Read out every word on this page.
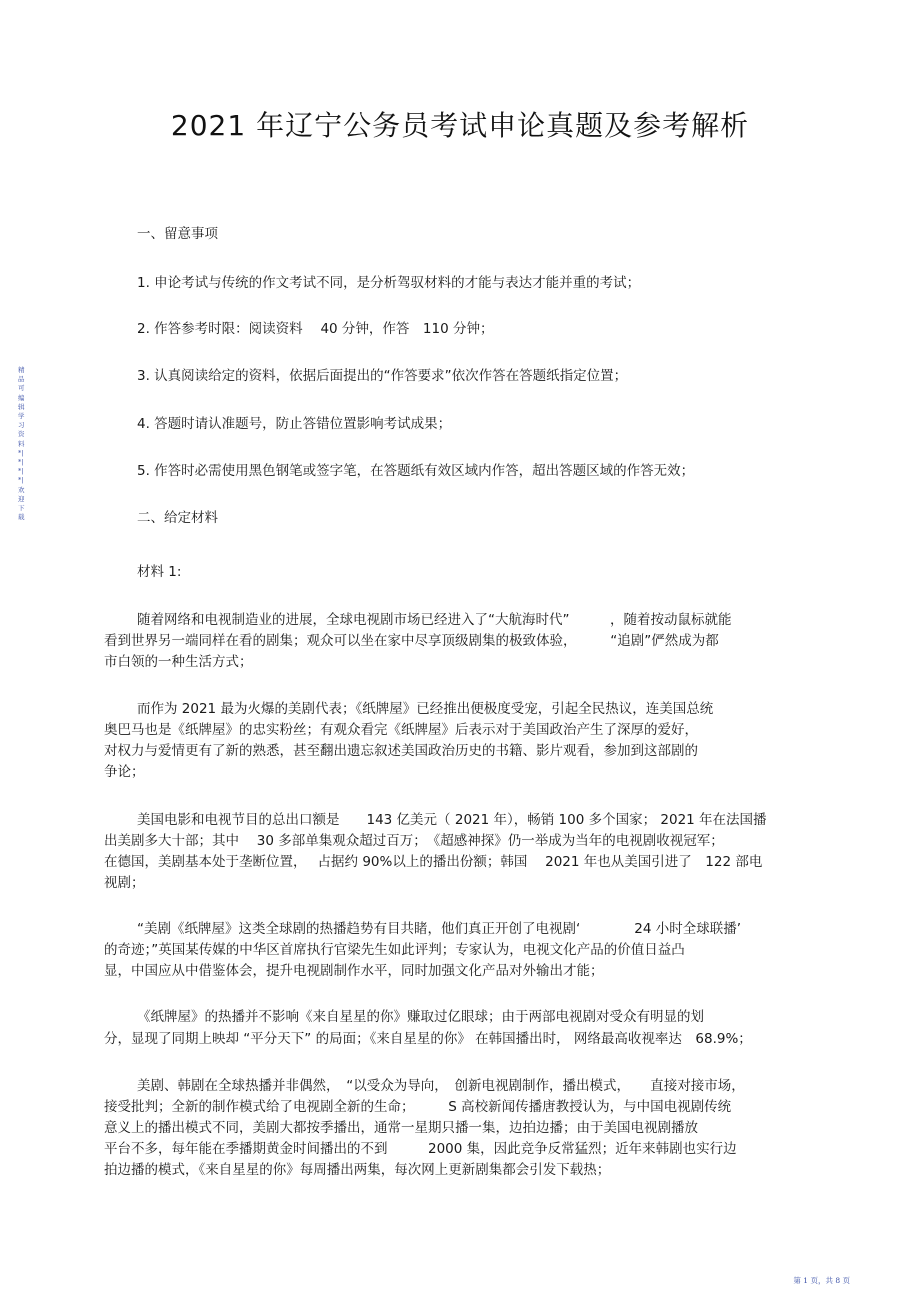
2021 年辽宁公务员考试申论真题及参考解析
精品可编辑学习资料*|*|*|*|欢迎下载
一、留意事项
1. 申论考试与传统的作文考试不同，是分析驾驭材料的才能与表达才能并重的考试；
2. 作答参考时限：阅读资料　 40 分钟，作答　110 分钟；
3. 认真阅读给定的资料，依据后面提出的“作答要求”依次作答在答题纸指定位置；
4. 答题时请认准题号，防止答错位置影响考试成果；
5. 作答时必需使用黑色钢笔或签字笔，在答题纸有效区域内作答，超出答题区域的作答无效；
二、给定材料
材料 1:
随着网络和电视制造业的进展，全球电视剧市场已经进入了“大航海时代”　　　，随着按动鼠标就能
看到世界另一端同样在看的剧集；观众可以坐在家中尽享顶级剧集的极致体验，　　　“追剧”俨然成为都
市白领的一种生活方式；
而作为 2021 最为火爆的美剧代表；《纸牌屋》已经推出便极度受宠，引起全民热议，连美国总统
奥巴马也是《纸牌屋》的忠实粉丝；有观众看完《纸牌屋》后表示对于美国政治产生了深厚的爱好，
对权力与爱情更有了新的熟悉，甚至翻出遗忘叙述美国政治历史的书籍、影片观看，参加到这部剧的
争论；
美国电影和电视节目的总出口额是　　143 亿美元（ 2021 年），畅销 100 多个国家； 2021 年在法国播
出美剧多大十部；其中　 30 多部单集观众超过百万；　《超感神探》仍一举成为当年的电视剧收视冠军；
在德国，美剧基本处于垄断位置，　 占据约 90%以上的播出份额；韩国　 2021 年也从美国引进了　122 部电
视剧；
“美剧《纸牌屋》这类全球剧的热播趋势有目共睹，他们真正开创了电视剧‘　　　　24 小时全球联播’
的奇迹；”英国某传媒的中华区首席执行官梁先生如此评判；专家认为，电视文化产品的价值日益凸
显，中国应从中借鉴体会，提升电视剧制作水平，同时加强文化产品对外输出才能；
《纸牌屋》的热播并不影响《来自星星的你》赚取过亿眼球；由于两部电视剧对受众有明显的划
分，显现了同期上映却 “平分天下” 的局面；《来自星星的你》 在韩国播出时， 网络最高收视率达　68.9%；
美剧、韩剧在全球热播并非偶然，　“以受众为导向，　创新电视剧制作，播出模式，　　直接对接市场，
接受批判；全新的制作模式给了电视剧全新的生命；　　　S 高校新闻传播唐教授认为，与中国电视剧传统
意义上的播出模式不同，美剧大都按季播出，通常一星期只播一集，边拍边播；由于美国电视剧播放
平台不多，每年能在季播期黄金时间播出的不到　　　2000 集，因此竞争反常猛烈；近年来韩剧也实行边
拍边播的模式，《来自星星的你》每周播出两集，每次网上更新剧集都会引发下载热；
第 1 页，共 8 页
